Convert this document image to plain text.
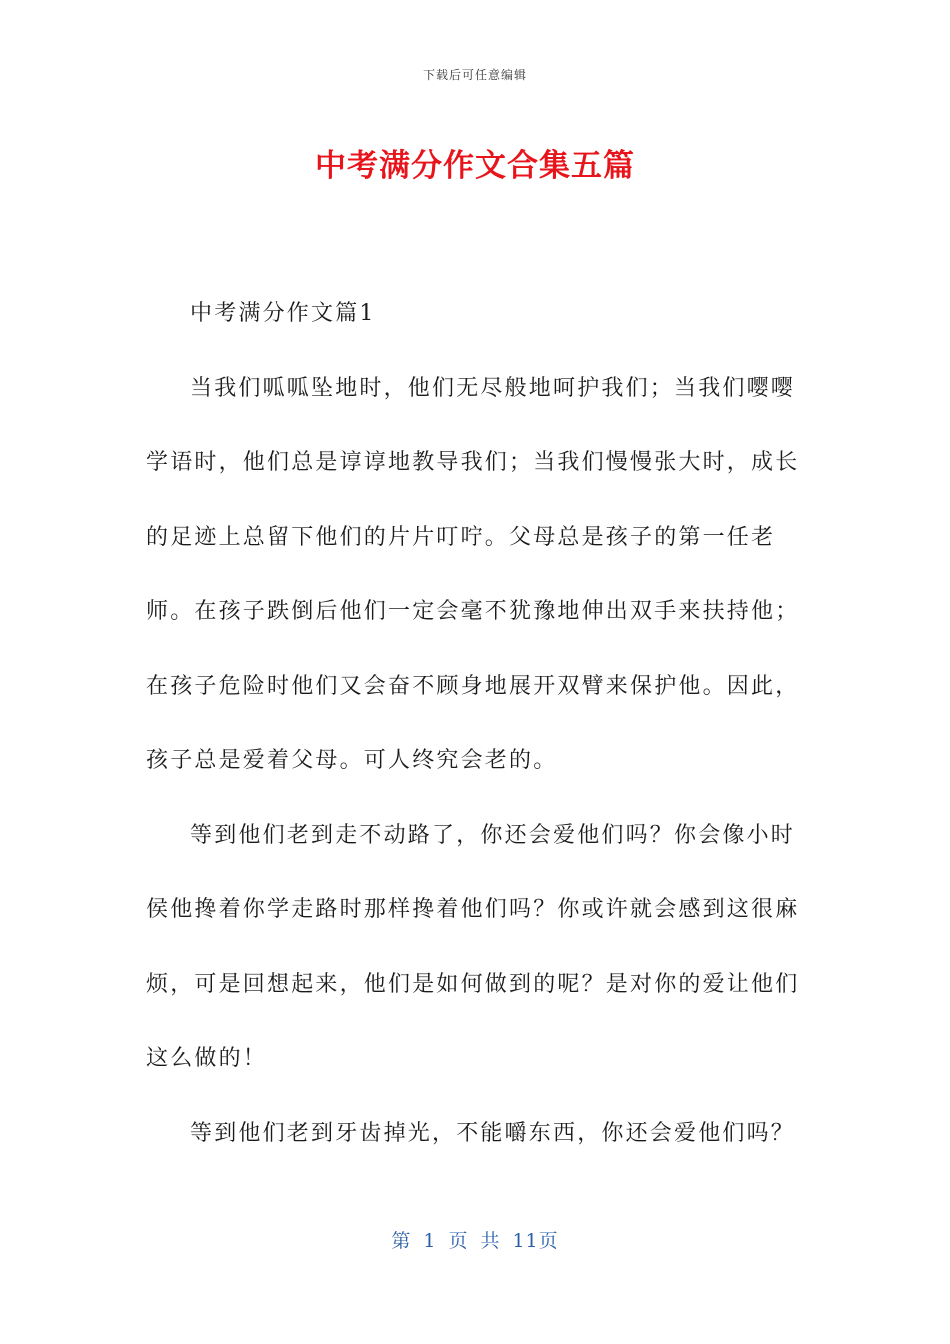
下载后可任意编辑
中考满分作文合集五篇

中考满分作文篇1

当我们呱呱坠地时，他们无尽般地呵护我们；当我们嘤嘤学语时，他们总是谆谆地教导我们；当我们慢慢张大时，成长的足迹上总留下他们的片片叮咛。父母总是孩子的第一任老师。在孩子跌倒后他们一定会毫不犹豫地伸出双手来扶持他；在孩子危险时他们又会奋不顾身地展开双臂来保护他。因此，孩子总是爱着父母。可人终究会老的。

等到他们老到走不动路了，你还会爱他们吗？你会像小时侯他搀着你学走路时那样搀着他们吗？你或许就会感到这很麻烦，可是回想起来，他们是如何做到的呢？是对你的爱让他们这么做的！

等到他们老到牙齿掉光，不能嚼东西，你还会爱他们吗？

第 1 页 共 11页
